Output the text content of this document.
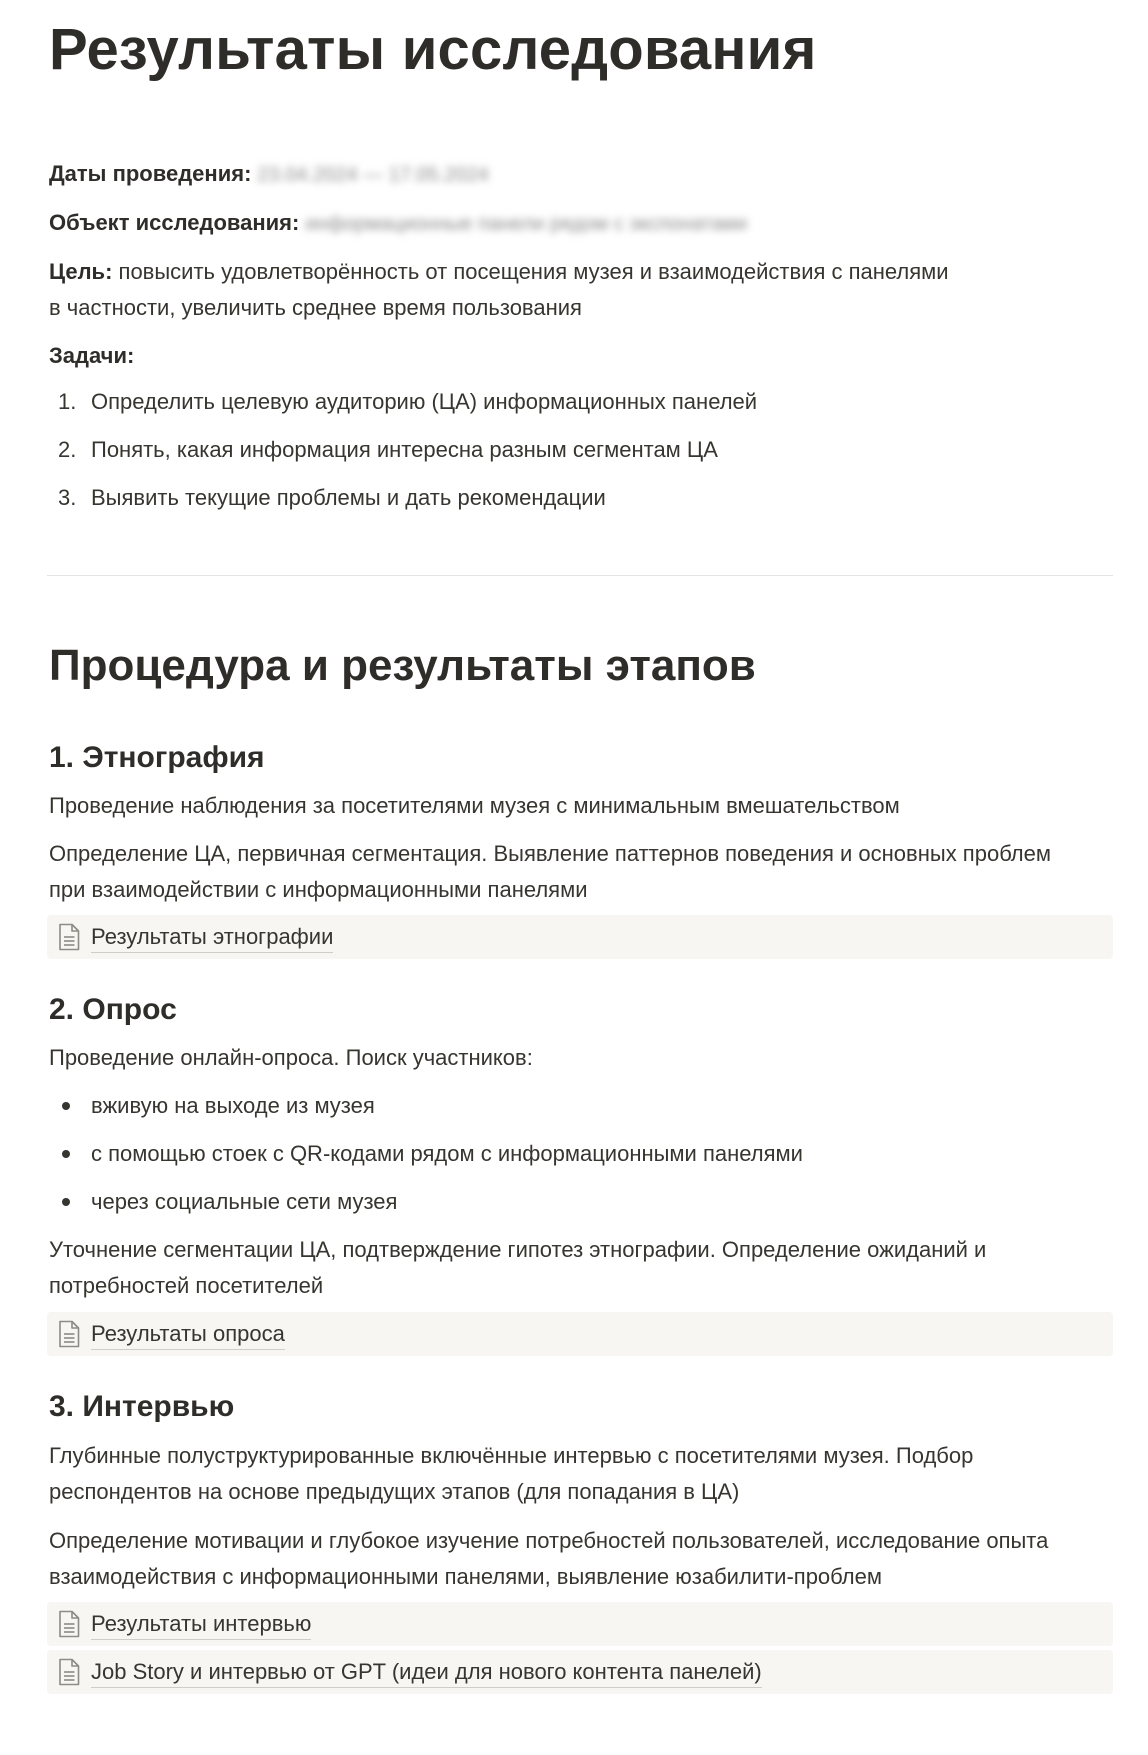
Результаты исследования
Даты проведения: 23.04.2024 — 17.05.2024
Объект исследования: информационные панели рядом с экспонатами
Цель: повысить удовлетворённость от посещения музея и взаимодействия с панелями
в частности, увеличить среднее время пользования
Задачи:
1. Определить целевую аудиторию (ЦА) информационных панелей
2. Понять, какая информация интересна разным сегментам ЦА
3. Выявить текущие проблемы и дать рекомендации
Процедура и результаты этапов
1. Этнография

Проведение наблюдения за посетителями музея с минимальным вмешательством

Определение ЦА, первичная сегментация. Выявление паттернов поведения и основных проблем при взаимодействии с информационными панелями

Результаты этнографии
2. Опрос

Проведение онлайн-опроса. Поиск участников:

вживую на выходе из музея
с помощью стоек с QR-кодами рядом с информационными панелями
через социальные сети музея

Уточнение сегментации ЦА, подтверждение гипотез этнографии. Определение ожиданий и потребностей посетителей

Результаты опроса
3. Интервью

Глубинные полуструктурированные включённые интервью с посетителями музея. Подбор респондентов на основе предыдущих этапов (для попадания в ЦА)

Определение мотивации и глубокое изучение потребностей пользователей, исследование опыта взаимодействия с информационными панелями, выявление юзабилити-проблем

Результаты интервью
Job Story и интервью от GPT (идеи для нового контента панелей)
